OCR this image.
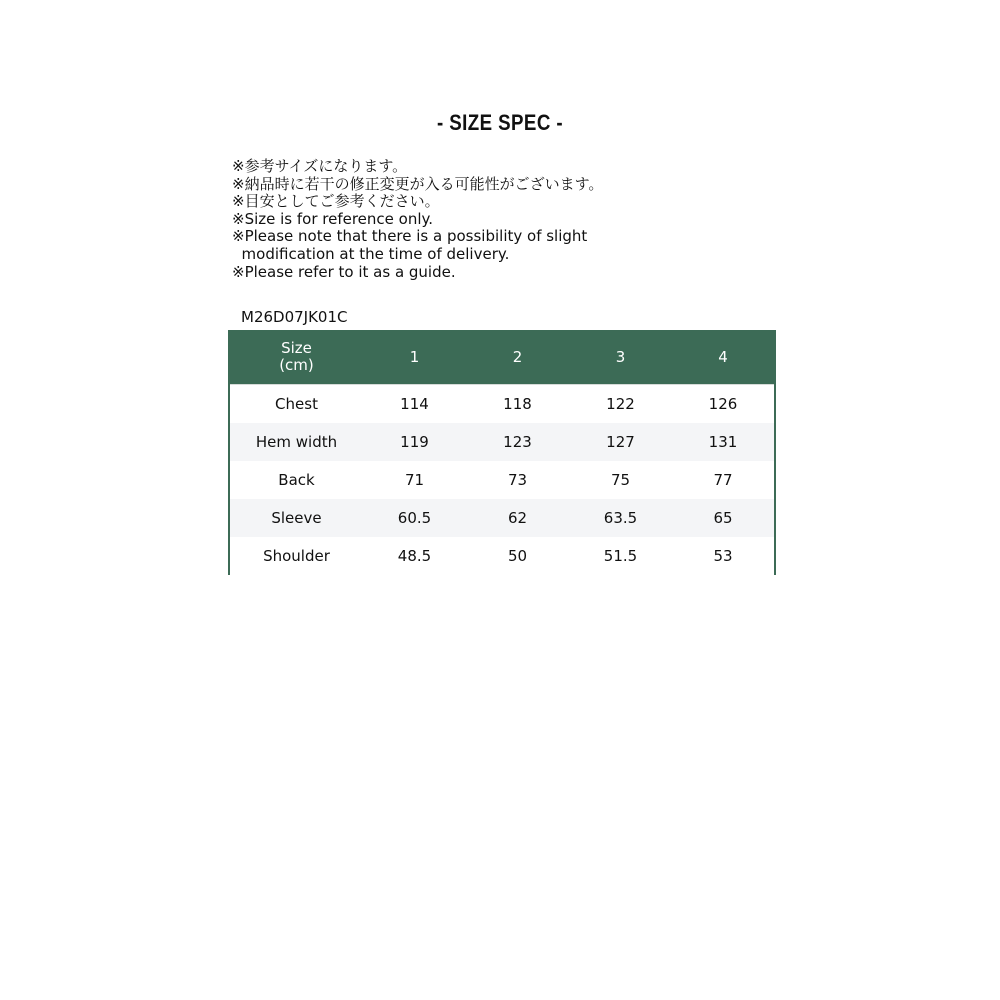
- SIZE SPEC -
※参考サイズになります。
※納品時に若干の修正変更が入る可能性がございます。
※目安としてご参考ください。
※Size is for reference only.
※Please note that there is a possibility of slight
modification at the time of delivery.
※Please refer to it as a guide.
M26D07JK01C
Size
(cm)	1	2	3	4
Chest	114	118	122	126
Hem width	119	123	127	131
Back	71	73	75	77
Sleeve	60.5	62	63.5	65
Shoulder	48.5	50	51.5	53
